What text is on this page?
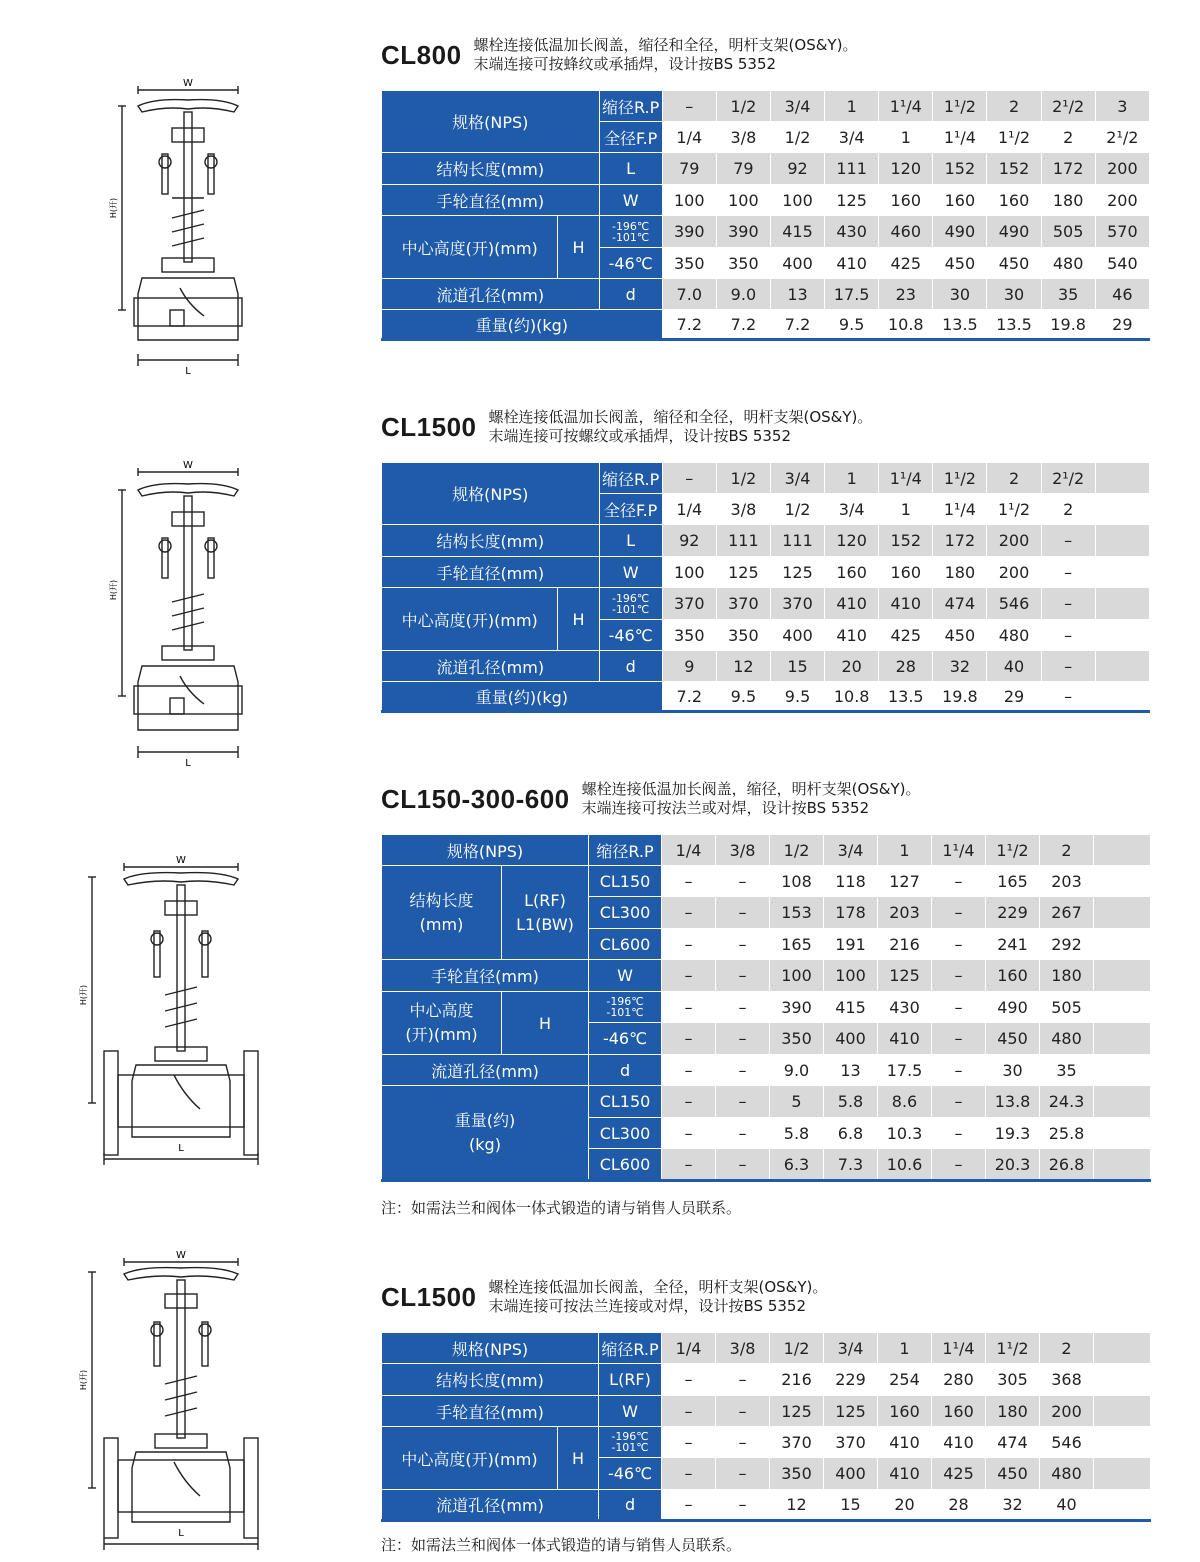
W
H(开)
L
W
H(开)
L
W
H(开)
L
W
H(开)
L
CL800 螺栓连接低温加长阀盖，缩径和全径，明杆支架(OS&Y)。
末端连接可按蜂纹或承插焊，设计按BS 5352
规格(NPS)		缩径R.P	–	1/2	3/4	1	1¹/4	1¹/2	2	2¹/2	3
		全径F.P	1/4	3/8	1/2	3/4	1	1¹/4	1¹/2	2	2¹/2
结构长度(mm)		L	79	79	92	111	120	152	152	172	200
手轮直径(mm)		W	100	100	100	125	160	160	160	180	200
中心高度(开)(mm)	H	-196℃
-101℃	390	390	415	430	460	490	490	505	570
		-46℃	350	350	400	410	425	450	450	480	540
流道孔径(mm)		d	7.0	9.0	13	17.5	23	30	30	35	46
重量(约)(kg)			7.2	7.2	7.2	9.5	10.8	13.5	13.5	19.8	29
CL1500 螺栓连接低温加长阀盖，缩径和全径，明杆支架(OS&Y)。
末端连接可按螺纹或承插焊，设计按BS 5352
规格(NPS)		缩径R.P	–	1/2	3/4	1	1¹/4	1¹/2	2	2¹/2	
		全径F.P	1/4	3/8	1/2	3/4	1	1¹/4	1¹/2	2	
结构长度(mm)		L	92	111	111	120	152	172	200	–	
手轮直径(mm)		W	100	125	125	160	160	180	200	–	
中心高度(开)(mm)	H	-196℃
-101℃	370	370	370	410	410	474	546	–	
		-46℃	350	350	400	410	425	450	480	–	
流道孔径(mm)		d	9	12	15	20	28	32	40	–	
重量(约)(kg)			7.2	9.5	9.5	10.8	13.5	19.8	29	–	
CL150-300-600 螺栓连接低温加长阀盖，缩径，明杆支架(OS&Y)。
末端连接可按法兰或对焊，设计按BS 5352
规格(NPS)		缩径R.P	1/4	3/8	1/2	3/4	1	1¹/4	1¹/2	2	
结构长度
(mm)	L(RF)
L1(BW)	CL150	–	–	108	118	127	–	165	203	
		CL300	–	–	153	178	203	–	229	267	
		CL600	–	–	165	191	216	–	241	292	
手轮直径(mm)		W	–	–	100	100	125	–	160	180	
中心高度
(开)(mm)	H	-196℃
-101℃	–	–	390	415	430	–	490	505	
		-46℃	–	–	350	400	410	–	450	480	
流道孔径(mm)		d	–	–	9.0	13	17.5	–	30	35	
重量(约)
(kg)		CL150	–	–	5	5.8	8.6	–	13.8	24.3	
		CL300	–	–	5.8	6.8	10.3	–	19.3	25.8	
		CL600	–	–	6.3	7.3	10.6	–	20.3	26.8	
注：如需法兰和阀体一体式锻造的请与销售人员联系。
CL1500 螺栓连接低温加长阀盖，全径，明杆支架(OS&Y)。
末端连接可按法兰连接或对焊，设计按BS 5352
规格(NPS)		缩径R.P	1/4	3/8	1/2	3/4	1	1¹/4	1¹/2	2	
结构长度(mm)		L(RF)	–	–	216	229	254	280	305	368	
手轮直径(mm)		W	–	–	125	125	160	160	180	200	
中心高度(开)(mm)	H	-196℃
-101℃	–	–	370	370	410	410	474	546	
		-46℃	–	–	350	400	410	425	450	480	
流道孔径(mm)		d	–	–	12	15	20	28	32	40	
注：如需法兰和阀体一体式锻造的请与销售人员联系。
